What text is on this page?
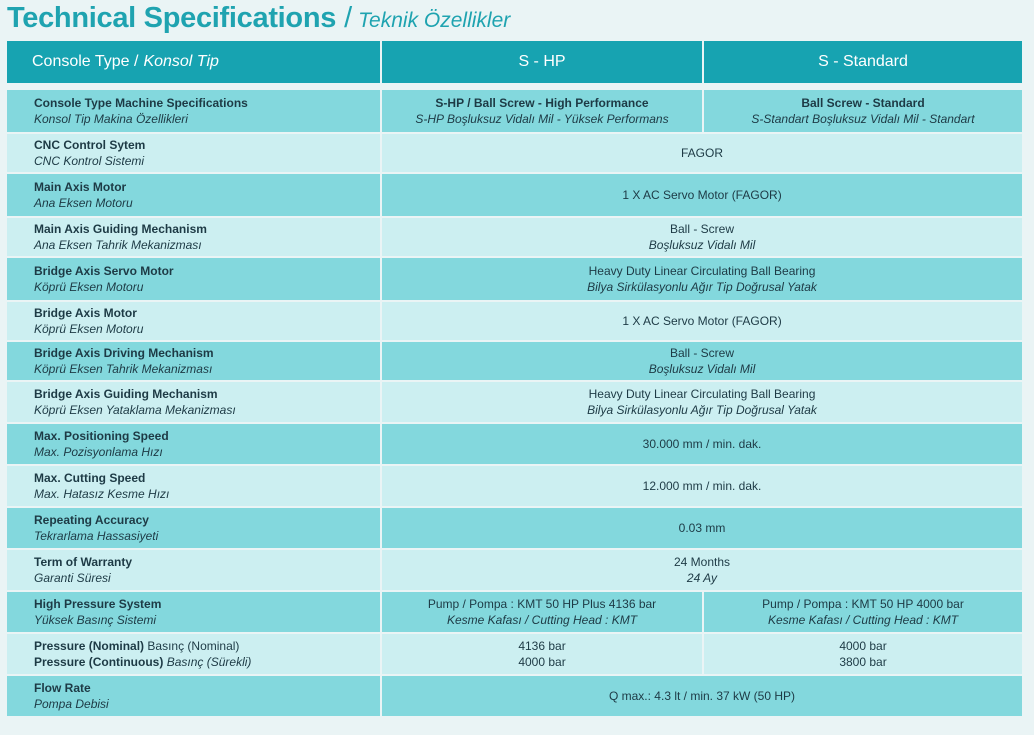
Technical Specifications / Teknik Özellikler
Console Type / Konsol Tip	S - HP	S - Standard
Console Type Machine Specifications
Konsol Tip Makina Özellikleri
S-HP / Ball Screw - High Performance
S-HP Boşluksuz Vidalı Mil - Yüksek Performans
Ball Screw - Standard
S-Standart Boşluksuz Vidalı Mil - Standart
CNC Control Sytem
CNC Kontrol Sistemi
FAGOR
Main Axis Motor
Ana Eksen Motoru
1 X AC Servo Motor (FAGOR)
Main Axis Guiding Mechanism
Ana Eksen Tahrik Mekanizması
Ball - Screw
Boşluksuz Vidalı Mil
Bridge Axis Servo Motor
Köprü Eksen Motoru
Heavy Duty Linear Circulating Ball Bearing
Bilya Sirkülasyonlu Ağır Tip Doğrusal Yatak
Bridge Axis Motor
Köprü Eksen Motoru
1 X AC Servo Motor (FAGOR)
Bridge Axis Driving Mechanism
Köprü Eksen Tahrik Mekanizması
Ball - Screw
Boşluksuz Vidalı Mil
Bridge Axis Guiding Mechanism
Köprü Eksen Yataklama Mekanizması
Heavy Duty Linear Circulating Ball Bearing
Bilya Sirkülasyonlu Ağır Tip Doğrusal Yatak
Max. Positioning Speed
Max. Pozisyonlama Hızı
30.000 mm / min. dak.
Max. Cutting Speed
Max. Hatasız Kesme Hızı
12.000 mm / min. dak.
Repeating Accuracy
Tekrarlama Hassasiyeti
0.03 mm
Term of Warranty
Garanti Süresi
24 Months
24 Ay
High Pressure System
Yüksek Basınç Sistemi
Pump / Pompa : KMT 50 HP Plus 4136 bar
Kesme Kafası / Cutting Head : KMT
Pump / Pompa : KMT 50 HP 4000 bar
Kesme Kafası / Cutting Head : KMT
Pressure (Nominal) Basınç (Nominal)
Pressure (Continuous) Basınç (Sürekli)
4136 bar
4000 bar
4000 bar
3800 bar
Flow Rate
Pompa Debisi
Q max.: 4.3 lt / min. 37 kW (50 HP)
